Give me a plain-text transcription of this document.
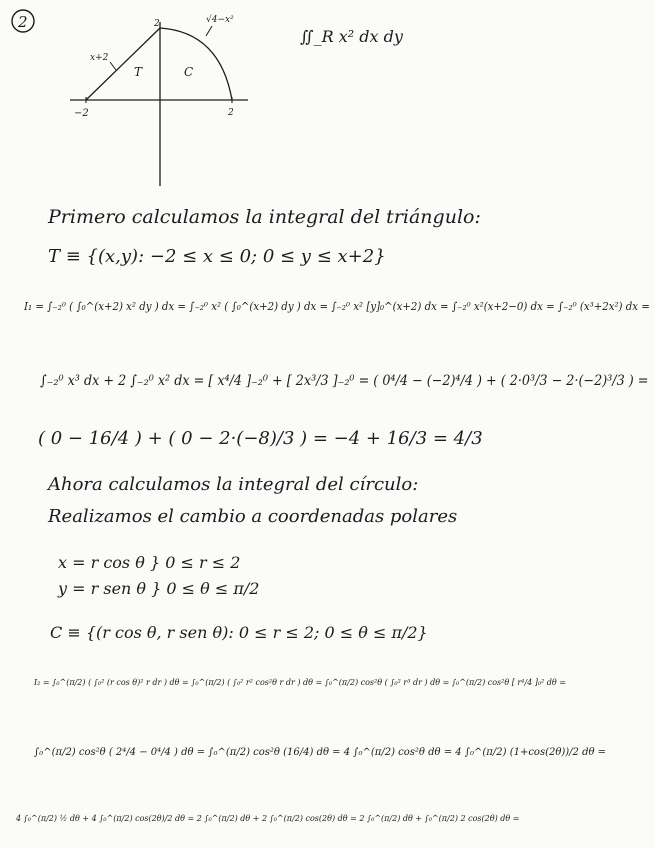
2	2
−2	2
T	C
x+2
√4−x²
∬_R x² dx dy
Primero calculamos la integral del triángulo:
T ≡ {(x,y): −2 ≤ x ≤ 0; 0 ≤ y ≤ x+2}
I₁ = ∫₋₂⁰ ( ∫₀^(x+2) x² dy ) dx = ∫₋₂⁰ x² ( ∫₀^(x+2) dy ) dx = ∫₋₂⁰ x² [y]₀^(x+2) dx = ∫₋₂⁰ x²(x+2−0) dx = ∫₋₂⁰ (x³+2x²) dx =
∫₋₂⁰ x³ dx + 2 ∫₋₂⁰ x² dx = [ x⁴/4 ]₋₂⁰ + [ 2x³/3 ]₋₂⁰ = ( 0⁴/4 − (−2)⁴/4 ) + ( 2·0³/3 − 2·(−2)³/3 ) =
( 0 − 16/4 ) + ( 0 − 2·(−8)/3 ) = −4 + 16/3 = 4/3
Ahora calculamos la integral del círculo:
Realizamos el cambio a coordenadas polares
x = r cos θ } 0 ≤ r ≤ 2
y = r sen θ } 0 ≤ θ ≤ π/2
C ≡ {(r cos θ, r sen θ): 0 ≤ r ≤ 2; 0 ≤ θ ≤ π/2}
I₂ = ∫₀^(π/2) ( ∫₀² (r cos θ)² r dr ) dθ = ∫₀^(π/2) ( ∫₀² r² cos²θ r dr ) dθ = ∫₀^(π/2) cos²θ ( ∫₀² r³ dr ) dθ = ∫₀^(π/2) cos²θ [ r⁴/4 ]₀² dθ =
∫₀^(π/2) cos²θ ( 2⁴/4 − 0⁴/4 ) dθ = ∫₀^(π/2) cos²θ (16/4) dθ = 4 ∫₀^(π/2) cos²θ dθ = 4 ∫₀^(π/2) (1+cos(2θ))/2 dθ =
4 ∫₀^(π/2) ½ dθ + 4 ∫₀^(π/2) cos(2θ)/2 dθ = 2 ∫₀^(π/2) dθ + 2 ∫₀^(π/2) cos(2θ) dθ = 2 ∫₀^(π/2) dθ + ∫₀^(π/2) 2 cos(2θ) dθ =
